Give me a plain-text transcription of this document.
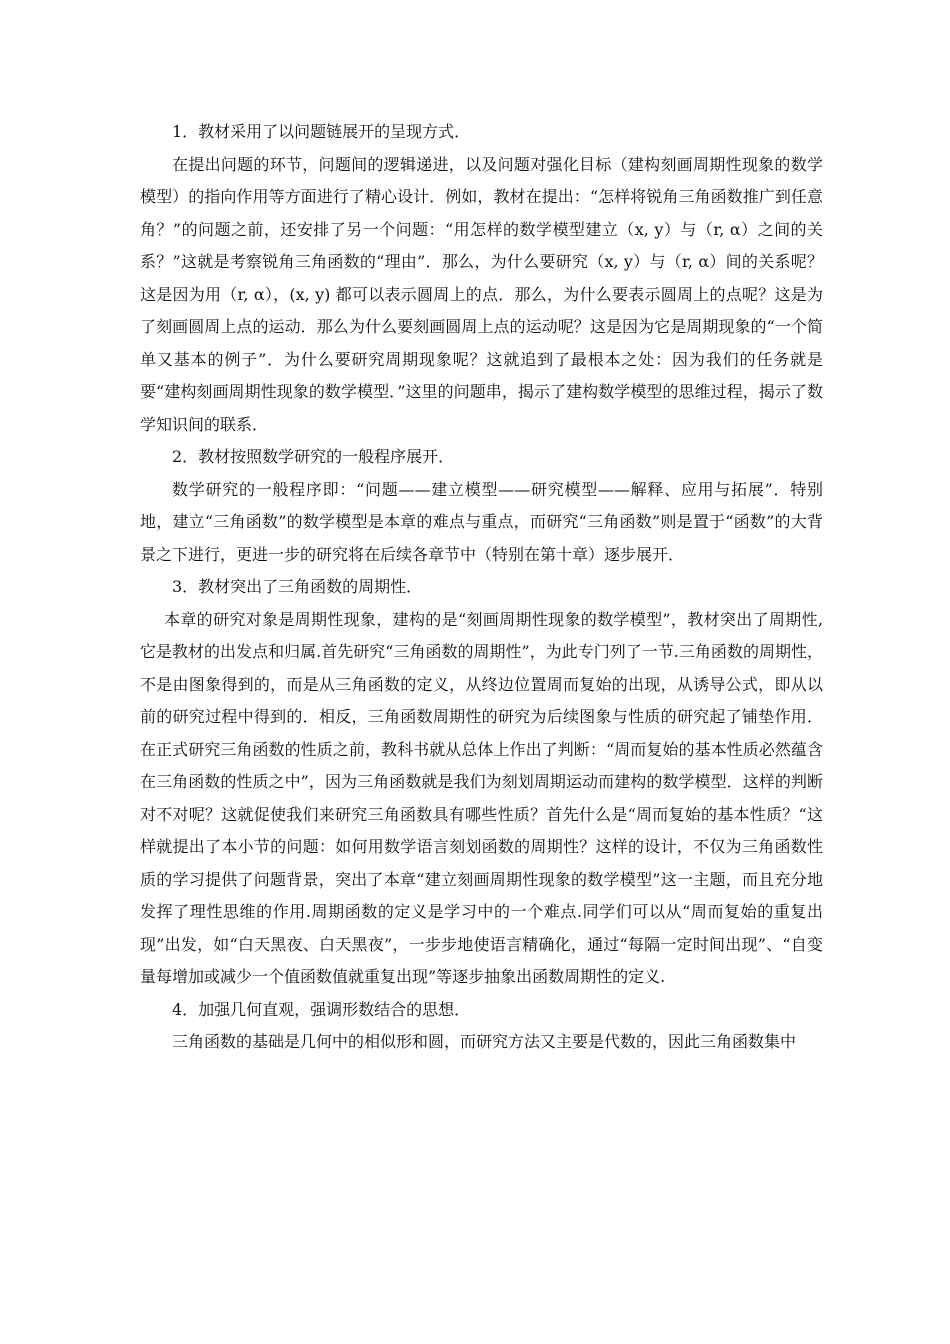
1．教材采用了以问题链展开的呈现方式．

在提出问题的环节，问题间的逻辑递进，以及问题对强化目标（建构刻画周期性现象的数学模型）的指向作用等方面进行了精心设计．例如，教材在提出：“怎样将锐角三角函数推广到任意角？”的问题之前，还安排了另一个问题：“用怎样的数学模型建立（x, y）与（r, α）之间的关系？”这就是考察锐角三角函数的“理由”．那么，为什么要研究（x, y）与（r, α）间的关系呢？这是因为用（r, α），(x, y) 都可以表示圆周上的点．那么，为什么要表示圆周上的点呢？这是为了刻画圆周上点的运动．那么为什么要刻画圆周上点的运动呢？这是因为它是周期现象的“一个简单又基本的例子”．为什么要研究周期现象呢？这就追到了最根本之处：因为我们的任务就是要“建构刻画周期性现象的数学模型．”这里的问题串，揭示了建构数学模型的思维过程，揭示了数学知识间的联系．

2．教材按照数学研究的一般程序展开．

数学研究的一般程序即：“问题——建立模型——研究模型——解释、应用与拓展”．特别地，建立“三角函数”的数学模型是本章的难点与重点，而研究“三角函数”则是置于“函数”的大背景之下进行，更进一步的研究将在后续各章节中（特别在第十章）逐步展开．

3．教材突出了三角函数的周期性．

本章的研究对象是周期性现象，建构的是“刻画周期性现象的数学模型”，教材突出了周期性,它是教材的出发点和归属.首先研究“三角函数的周期性”，为此专门列了一节.三角函数的周期性，不是由图象得到的，而是从三角函数的定义，从终边位置周而复始的出现，从诱导公式，即从以前的研究过程中得到的．相反，三角函数周期性的研究为后续图象与性质的研究起了铺垫作用．在正式研究三角函数的性质之前，教科书就从总体上作出了判断：“周而复始的基本性质必然蕴含在三角函数的性质之中”，因为三角函数就是我们为刻划周期运动而建构的数学模型．这样的判断对不对呢？这就促使我们来研究三角函数具有哪些性质？首先什么是“周而复始的基本性质？“这样就提出了本小节的问题：如何用数学语言刻划函数的周期性？这样的设计，不仅为三角函数性质的学习提供了问题背景，突出了本章“建立刻画周期性现象的数学模型”这一主题，而且充分地发挥了理性思维的作用.周期函数的定义是学习中的一个难点.同学们可以从“周而复始的重复出现”出发，如“白天黑夜、白天黑夜”，一步步地使语言精确化，通过“每隔一定时间出现”、“自变量每增加或减少一个值函数值就重复出现”等逐步抽象出函数周期性的定义.

4．加强几何直观，强调形数结合的思想．

三角函数的基础是几何中的相似形和圆，而研究方法又主要是代数的，因此三角函数集中
